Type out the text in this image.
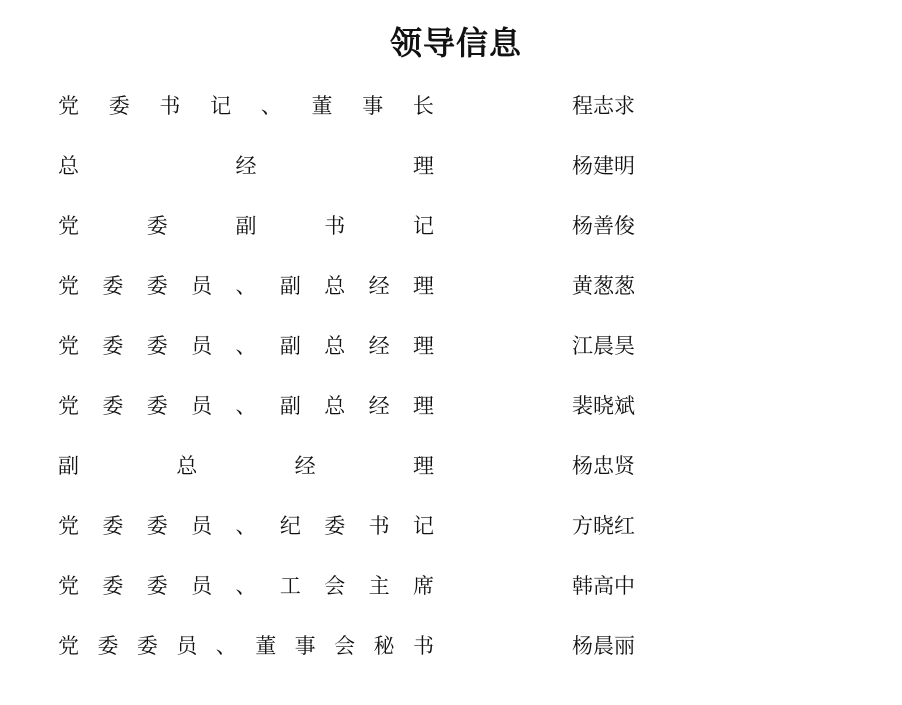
领导信息
党 委 书 记 、 董 事 长	程志求
总	经	理	杨建明
党	委	副	书	记	杨善俊
党 委 委 员 、 副 总 经 理	黄葱葱
党 委 委 员 、 副 总 经 理	江晨昊
党 委 委 员 、 副 总 经 理	裴晓斌
副	总	经	理	杨忠贤
党 委 委 员 、 纪 委 书 记	方晓红
党 委 委 员 、 工 会 主 席	韩高中
党 委 委 员 、 董 事 会 秘 书	杨晨丽
